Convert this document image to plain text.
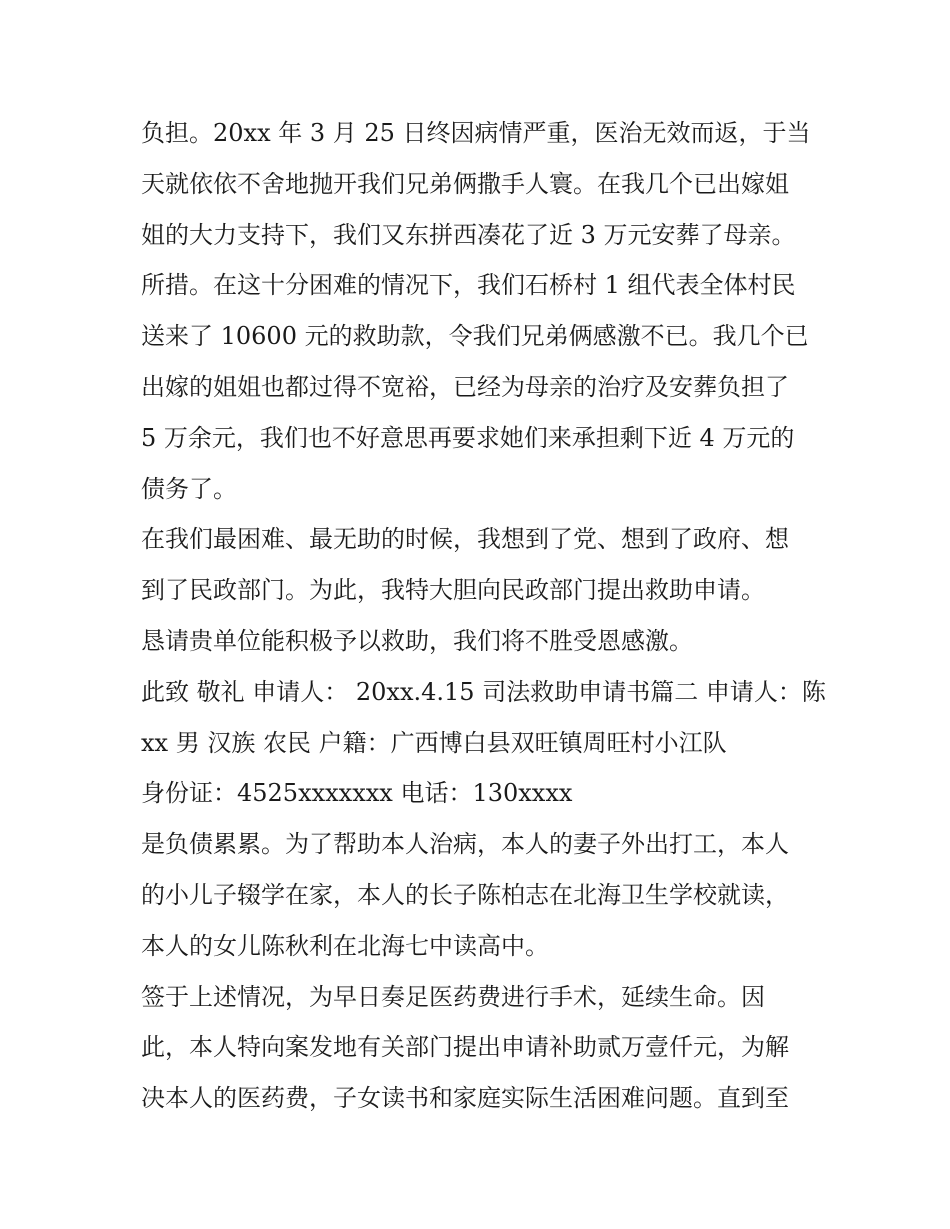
负担。20xx 年 3 月 25 日终因病情严重，医治无效而返，于当
天就依依不舍地抛开我们兄弟俩撒手人寰。在我几个已出嫁姐
姐的大力支持下，我们又东拼西凑花了近 3 万元安葬了母亲。
所措。在这十分困难的情况下，我们石桥村 1 组代表全体村民
送来了 10600 元的救助款，令我们兄弟俩感激不已。我几个已
出嫁的姐姐也都过得不宽裕，已经为母亲的治疗及安葬负担了
5 万余元，我们也不好意思再要求她们来承担剩下近 4 万元的
债务了。
在我们最困难、最无助的时候，我想到了党、想到了政府、想
到了民政部门。为此，我特大胆向民政部门提出救助申请。
恳请贵单位能积极予以救助，我们将不胜受恩感激。
此致 敬礼 申请人： 20xx.4.15 司法救助申请书篇二 申请人：陈
xx 男 汉族 农民 户籍：广西博白县双旺镇周旺村小江队
身份证：4525xxxxxxx 电话：130xxxx
是负债累累。为了帮助本人治病，本人的妻子外出打工，本人
的小儿子辍学在家，本人的长子陈柏志在北海卫生学校就读，
本人的女儿陈秋利在北海七中读高中。
签于上述情况，为早日奏足医药费进行手术，延续生命。因
此，本人特向案发地有关部门提出申请补助贰万壹仟元，为解
决本人的医药费，子女读书和家庭实际生活困难问题。直到至
